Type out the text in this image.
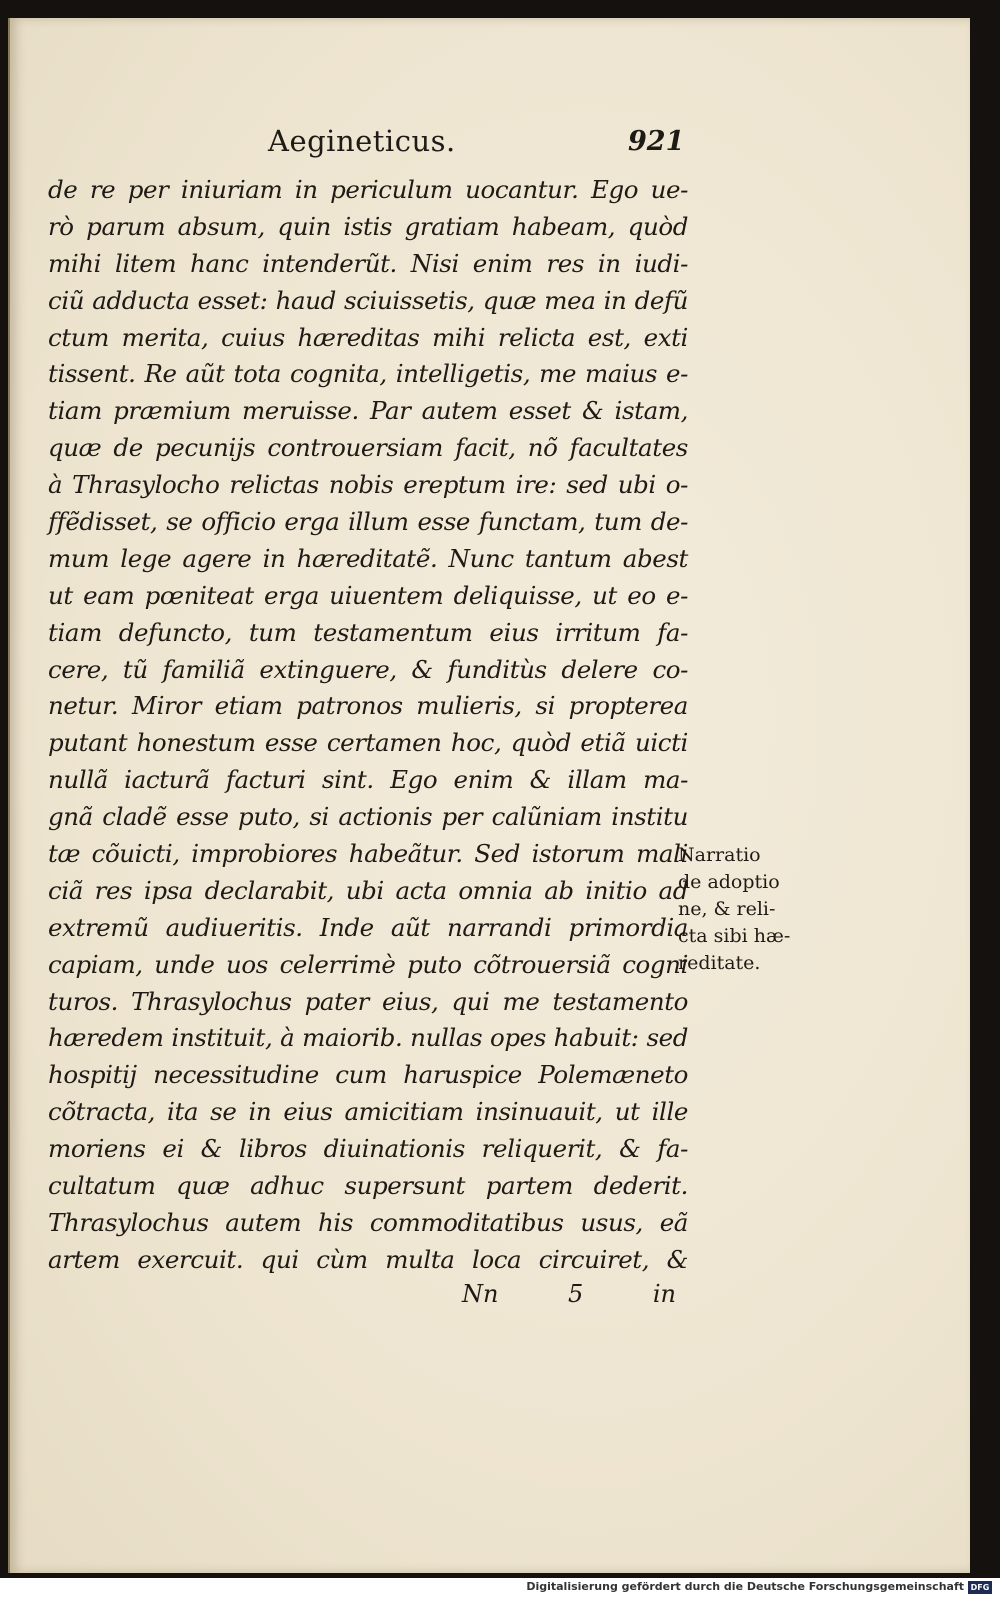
Aegineticus.	921
de re per iniuriam in periculum uocantur. Ego ue-
rò parum absum, quin istis gratiam habeam, quòd
mihi litem hanc intenderũt. Nisi enim res in iudi-
ciũ adducta esset: haud sciuissetis, quæ mea in defũ
ctum merita, cuius hæreditas mihi relicta est, exti
tissent. Re aũt tota cognita, intelligetis, me maius e-
tiam præmium meruisse. Par autem esset & istam,
quæ de pecunijs controuersiam facit, nõ facultates
à Thrasylocho relictas nobis ereptum ire: sed ubi o-
ffẽdisset, se officio erga illum esse functam, tum de-
mum lege agere in hæreditatẽ. Nunc tantum abest
ut eam pœniteat erga uiuentem deliquisse, ut eo e-
tiam defuncto, tum testamentum eius irritum fa-
cere, tũ familiã extinguere, & funditùs delere co-
netur. Miror etiam patronos mulieris, si propterea
putant honestum esse certamen hoc, quòd etiã uicti
nullã iacturã facturi sint. Ego enim & illam ma-
gnã cladẽ esse puto, si actionis per calũniam institu
tæ cõuicti, improbiores habeãtur. Sed istorum mali
ciã res ipsa declarabit, ubi acta omnia ab initio ad
extremũ audiueritis. Inde aũt narrandi primordia
capiam, unde uos celerrimè puto cõtrouersiã cogni
turos. Thrasylochus pater eius, qui me testamento
hæredem instituit, à maiorib. nullas opes habuit: sed
hospitij necessitudine cum haruspice Polemæneto
cõtracta, ita se in eius amicitiam insinuauit, ut ille
moriens ei & libros diuinationis reliquerit, & fa-
cultatum quæ adhuc supersunt partem dederit.
Thrasylochus autem his commoditatibus usus, eã
artem exercuit. qui cùm multa loca circuiret, &
Narratio
de adoptio
ne, & reli-
cta sibi hæ-
reditate.
Nn	5	in
Digitalisierung gefördert durch die Deutsche Forschungsgemeinschaft DFG
